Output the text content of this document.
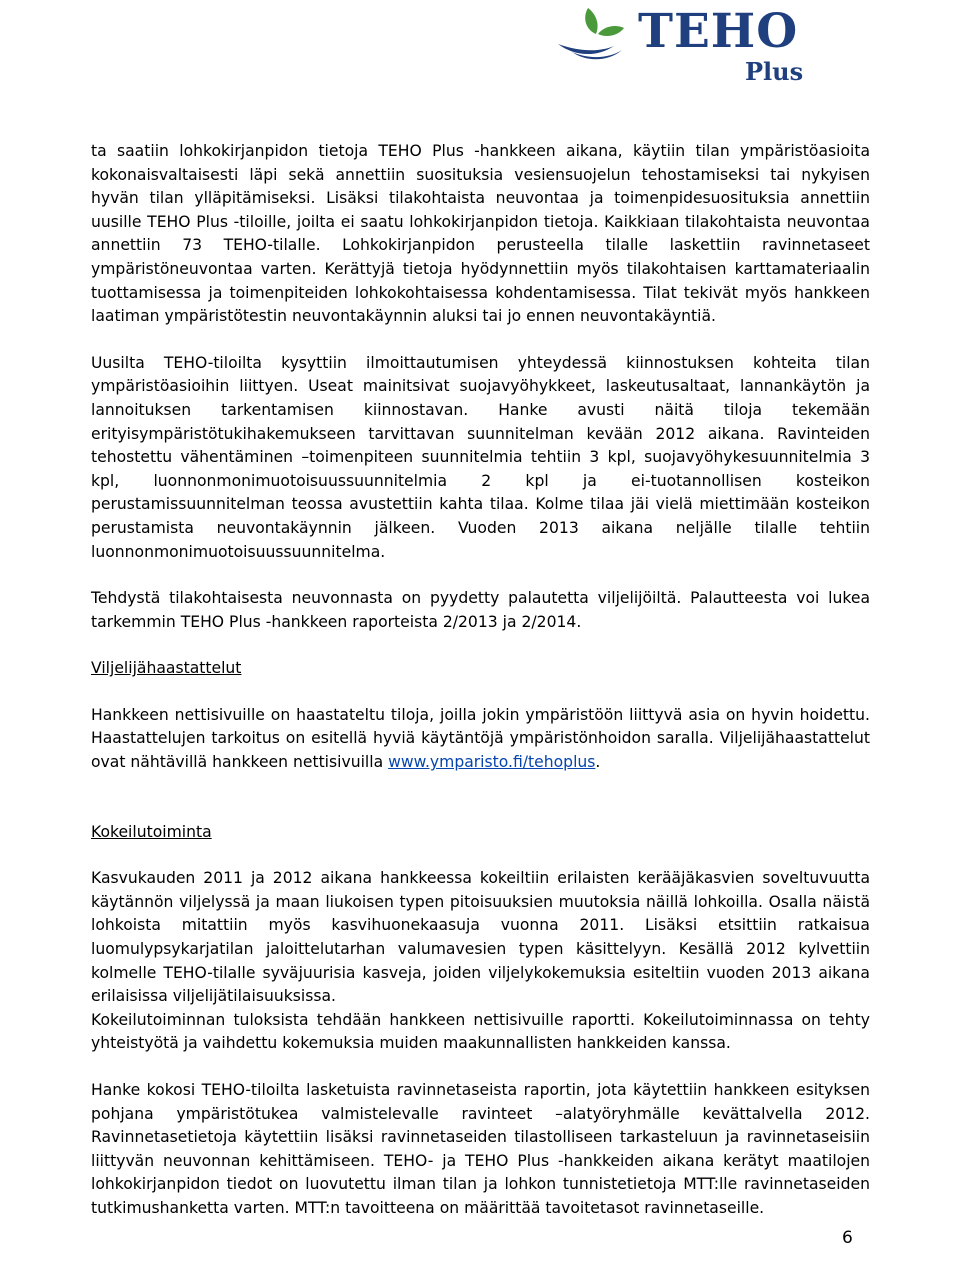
TEHO
Plus

ta saatiin lohkokirjanpidon tietoja TEHO Plus -hankkeen aikana, käytiin tilan ympäristöasioita kokonaisvaltaisesti läpi sekä annettiin suosituksia vesiensuojelun tehostamiseksi tai nykyisen hyvän tilan ylläpitämiseksi. Lisäksi tilakohtaista neuvontaa ja toimenpidesuosituksia annettiin uusille TEHO Plus -tiloille, joilta ei saatu lohkokirjanpidon tietoja. Kaikkiaan tilakohtaista neuvontaa annettiin 73 TEHO-tilalle. Lohkokirjanpidon perusteella tilalle laskettiin ravinnetaseet ympäristöneuvontaa varten. Kerättyjä tietoja hyödynnettiin myös tilakohtaisen karttamateriaalin tuottamisessa ja toimenpiteiden lohkokohtaisessa kohdentamisessa. Tilat tekivät myös hankkeen laatiman ympäristötestin neuvontakäynnin aluksi tai jo ennen neuvontakäyntiä.

Uusilta TEHO-tiloilta kysyttiin ilmoittautumisen yhteydessä kiinnostuksen kohteita tilan ympäristöasioihin liittyen. Useat mainitsivat suojavyöhykkeet, laskeutusaltaat, lannankäytön ja lannoituksen tarkentamisen kiinnostavan. Hanke avusti näitä tiloja tekemään erityisympäristötukihakemukseen tarvittavan suunnitelman kevään 2012 aikana. Ravinteiden tehostettu vähentäminen –toimenpiteen suunnitelmia tehtiin 3 kpl, suojavyöhykesuunnitelmia 3 kpl, luonnonmonimuotoisuussuunnitelmia 2 kpl ja ei-tuotannollisen kosteikon perustamissuunnitelman teossa avustettiin kahta tilaa. Kolme tilaa jäi vielä miettimään kosteikon perustamista neuvontakäynnin jälkeen. Vuoden 2013 aikana neljälle tilalle tehtiin luonnonmonimuotoisuussuunnitelma.

Tehdystä tilakohtaisesta neuvonnasta on pyydetty palautetta viljelijöiltä. Palautteesta voi lukea tarkemmin TEHO Plus -hankkeen raporteista 2/2013 ja 2/2014.

Viljelijähaastattelut

Hankkeen nettisivuille on haastateltu tiloja, joilla jokin ympäristöön liittyvä asia on hyvin hoidettu. Haastattelujen tarkoitus on esitellä hyviä käytäntöjä ympäristönhoidon saralla. Viljelijähaastattelut ovat nähtävillä hankkeen nettisivuilla www.ymparisto.fi/tehoplus.

Kokeilutoiminta

Kasvukauden 2011 ja 2012 aikana hankkeessa kokeiltiin erilaisten kerääjäkasvien soveltuvuutta käytännön viljelyssä ja maan liukoisen typen pitoisuuksien muutoksia näillä lohkoilla. Osalla näistä lohkoista mitattiin myös kasvihuonekaasuja vuonna 2011. Lisäksi etsittiin ratkaisua luomulypsykarjatilan jaloittelutarhan valumavesien typen käsittelyyn. Kesällä 2012 kylvettiin kolmelle TEHO-tilalle syväjuurisia kasveja, joiden viljelykokemuksia esiteltiin vuoden 2013 aikana erilaisissa viljelijätilaisuuksissa.

Kokeilutoiminnan tuloksista tehdään hankkeen nettisivuille raportti. Kokeilutoiminnassa on tehty yhteistyötä ja vaihdettu kokemuksia muiden maakunnallisten hankkeiden kanssa.

Hanke kokosi TEHO-tiloilta lasketuista ravinnetaseista raportin, jota käytettiin hankkeen esityksen pohjana ympäristötukea valmistelevalle ravinteet –alatyöryhmälle kevättalvella 2012. Ravinnetasetietoja käytettiin lisäksi ravinnetaseiden tilastolliseen tarkasteluun ja ravinnetaseisiin liittyvän neuvonnan kehittämiseen. TEHO- ja TEHO Plus -hankkeiden aikana kerätyt maatilojen lohkokirjanpidon tiedot on luovutettu ilman tilan ja lohkon tunnistetietoja MTT:lle ravinnetaseiden tutkimushanketta varten. MTT:n tavoitteena on määrittää tavoitetasot ravinnetaseille.

6
